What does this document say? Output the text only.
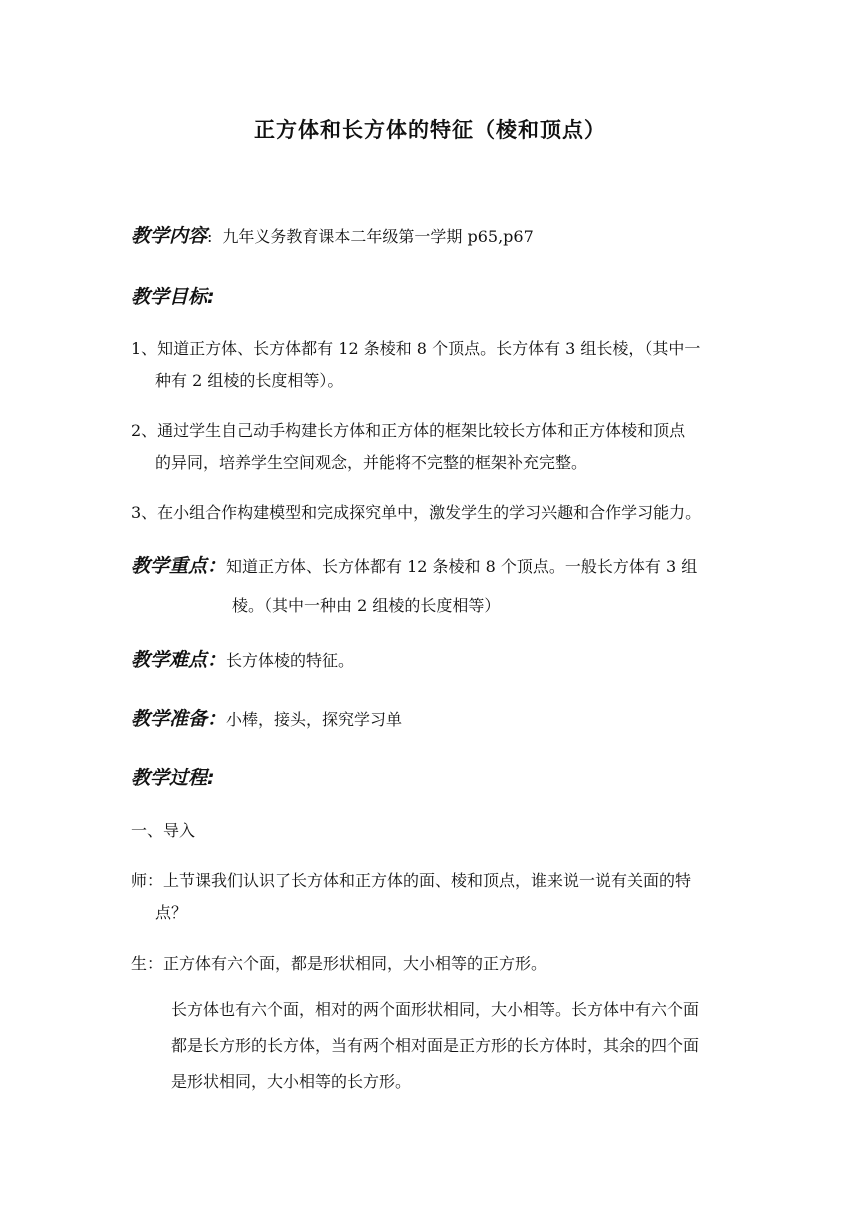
正方体和长方体的特征（棱和顶点）
教学内容: 九年义务教育课本二年级第一学期 p65,p67
教学目标:
1、知道正方体、长方体都有 12 条棱和 8 个顶点。长方体有 3 组长棱，（其中一
种有 2 组棱的长度相等）。
2、通过学生自己动手构建长方体和正方体的框架比较长方体和正方体棱和顶点
的异同，培养学生空间观念，并能将不完整的框架补充完整。
3、在小组合作构建模型和完成探究单中，激发学生的学习兴趣和合作学习能力。
教学重点：知道正方体、长方体都有 12 条棱和 8 个顶点。一般长方体有 3 组
棱。（其中一种由 2 组棱的长度相等）
教学难点：长方体棱的特征。
教学准备：小棒，接头，探究学习单
教学过程:
一、导入
师：上节课我们认识了长方体和正方体的面、棱和顶点，谁来说一说有关面的特
点？
生：正方体有六个面，都是形状相同，大小相等的正方形。
长方体也有六个面，相对的两个面形状相同，大小相等。长方体中有六个面
都是长方形的长方体，当有两个相对面是正方形的长方体时，其余的四个面
是形状相同，大小相等的长方形。
